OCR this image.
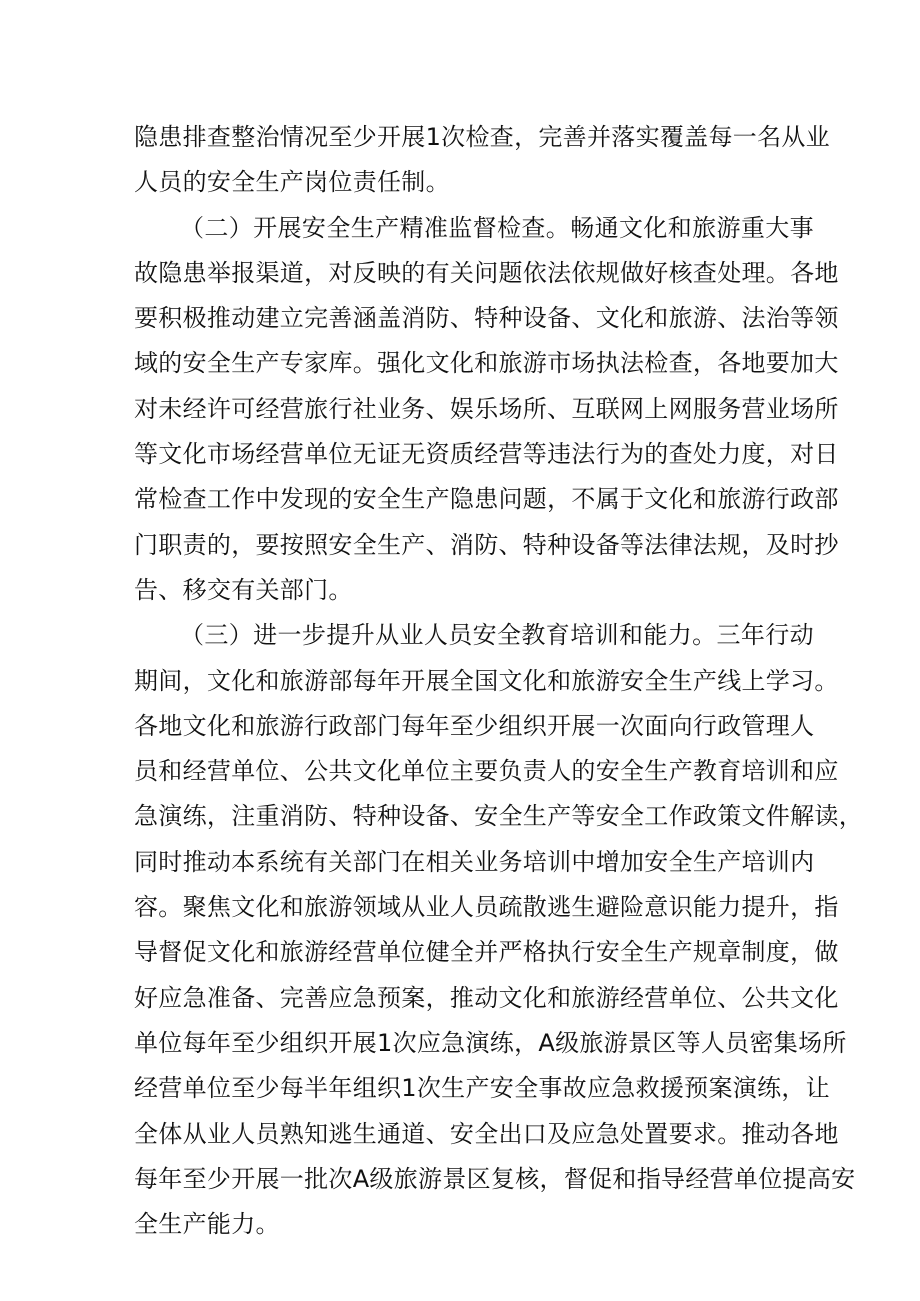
隐患排查整治情况至少开展1次检查，完善并落实覆盖每一名从业
人员的安全生产岗位责任制。
（二）开展安全生产精准监督检查。畅通文化和旅游重大事
故隐患举报渠道，对反映的有关问题依法依规做好核查处理。各地
要积极推动建立完善涵盖消防、特种设备、文化和旅游、法治等领
域的安全生产专家库。强化文化和旅游市场执法检查，各地要加大
对未经许可经营旅行社业务、娱乐场所、互联网上网服务营业场所
等文化市场经营单位无证无资质经营等违法行为的查处力度，对日
常检查工作中发现的安全生产隐患问题，不属于文化和旅游行政部
门职责的，要按照安全生产、消防、特种设备等法律法规，及时抄
告、移交有关部门。
（三）进一步提升从业人员安全教育培训和能力。三年行动
期间，文化和旅游部每年开展全国文化和旅游安全生产线上学习。
各地文化和旅游行政部门每年至少组织开展一次面向行政管理人
员和经营单位、公共文化单位主要负责人的安全生产教育培训和应
急演练，注重消防、特种设备、安全生产等安全工作政策文件解读，
同时推动本系统有关部门在相关业务培训中增加安全生产培训内
容。聚焦文化和旅游领域从业人员疏散逃生避险意识能力提升，指
导督促文化和旅游经营单位健全并严格执行安全生产规章制度，做
好应急准备、完善应急预案，推动文化和旅游经营单位、公共文化
单位每年至少组织开展1次应急演练，A级旅游景区等人员密集场所
经营单位至少每半年组织1次生产安全事故应急救援预案演练，让
全体从业人员熟知逃生通道、安全出口及应急处置要求。推动各地
每年至少开展一批次A级旅游景区复核，督促和指导经营单位提高安
全生产能力。
